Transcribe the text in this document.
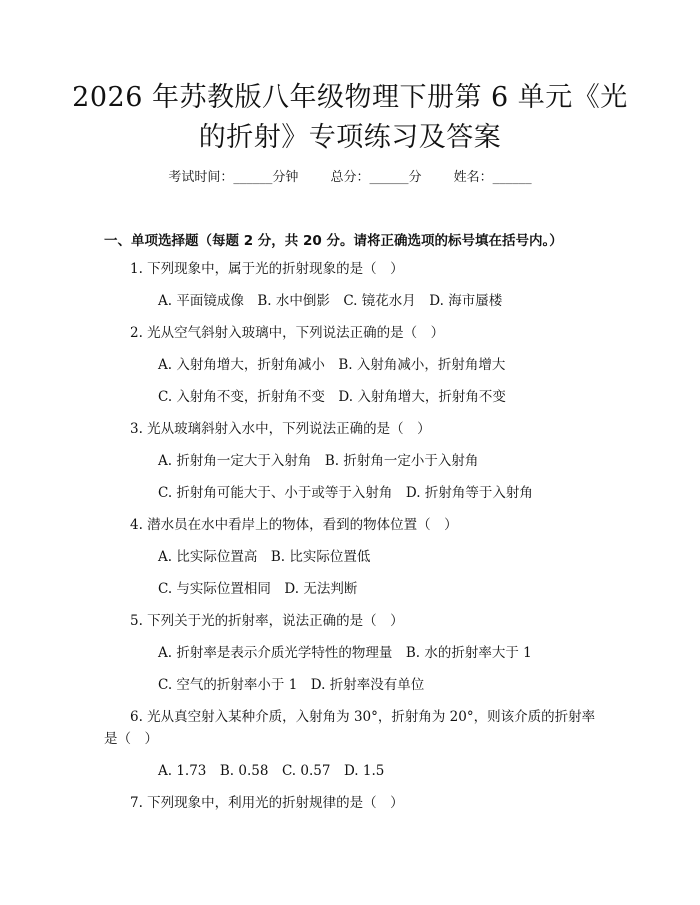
2026 年苏教版八年级物理下册第 6 单元《光
的折射》专项练习及答案
考试时间：______分钟 总分：______分 姓名：______
一、单项选择题（每题 2 分，共 20 分。请将正确选项的标号填在括号内。）
1. 下列现象中，属于光的折射现象的是（　）
A. 平面镜成像　B. 水中倒影　C. 镜花水月　D. 海市蜃楼
2. 光从空气斜射入玻璃中，下列说法正确的是（　）
A. 入射角增大，折射角减小　B. 入射角减小，折射角增大
C. 入射角不变，折射角不变　D. 入射角增大，折射角不变
3. 光从玻璃斜射入水中，下列说法正确的是（　）
A. 折射角一定大于入射角　B. 折射角一定小于入射角
C. 折射角可能大于、小于或等于入射角　D. 折射角等于入射角
4. 潜水员在水中看岸上的物体，看到的物体位置（　）
A. 比实际位置高　B. 比实际位置低
C. 与实际位置相同　D. 无法判断
5. 下列关于光的折射率，说法正确的是（　）
A. 折射率是表示介质光学特性的物理量　B. 水的折射率大于 1
C. 空气的折射率小于 1　D. 折射率没有单位
6. 光从真空射入某种介质，入射角为 30°，折射角为 20°，则该介质的折射率是（　）
A. 1.73　B. 0.58　C. 0.57　D. 1.5
7. 下列现象中，利用光的折射规律的是（　）
